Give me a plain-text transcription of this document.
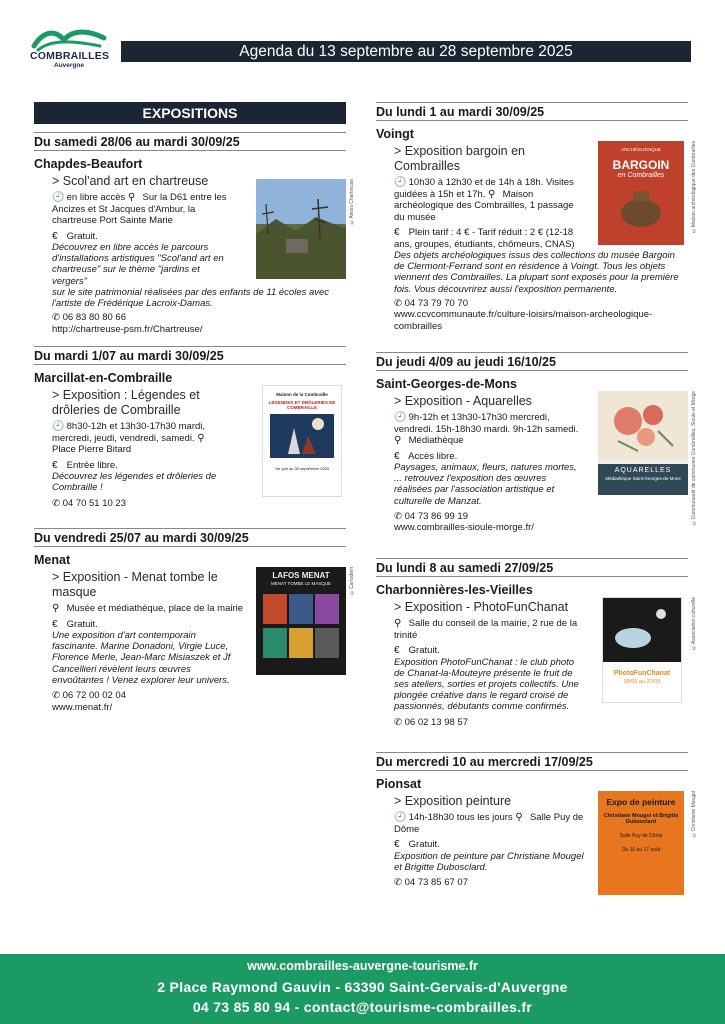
COMBRAILLES
Auvergne
Agenda du 13 septembre au 28 septembre 2025
EXPOSITIONS
Du samedi 28/06 au mardi 30/09/25
Chapdes-Beaufort
> Scol'and art en chartreuse
🕘 en libre accès ⚲ Sur la D61 entre les Ancizes et St Jacques d'Ambur, la chartreuse Port Sainte Marie
€ Gratuit.
Découvrez en libre accès le parcours d'installations artistiques "Scol'and art en chartreuse" sur le thème "jardins et vergers"
sur le site patrimonial réalisées par des enfants de 11 écoles avec l'artiste de Frédérique Lacroix-Damas.
✆ 06 83 80 80 66
http://chartreuse-psm.fr/Chartreuse/
©Alexis Chartreuse
Du mardi 1/07 au mardi 30/09/25
Marcillat-en-Combraille
> Exposition : Légendes et drôleries de Combraille
🕘 8h30-12h et 13h30-17h30 mardi, mercredi, jeudi, vendredi, samedi. ⚲ Place Pierre Bitard
€ Entrée libre.
Découvrez les légendes et drôleries de Combraille !
✆ 04 70 51 10 23
Maison de la Combraille
LÉGENDES ET DRÔLERIES DE COMBRAILLE
1er juin au 30 septembre 2025
Du vendredi 25/07 au mardi 30/09/25
Menat
> Exposition - Menat tombe le masque
⚲ Musée et médiathèque, place de la mairie
€ Gratuit.
Une exposition d'art contemporain fascinante. Marine Donadoni, Virgie Luce, Florence Merle, Jean-Marc Misiaszek et Jf Cancellieri révèlent leurs œuvres envoûtantes ! Venez explorer leur univers.
✆ 06 72 00 02 04
www.menat.fr/
LAFOS MENAT
MENAT TOMBE LE MASQUE	©Carrodein
Du lundi 1 au mardi 30/09/25
Voingt
> Exposition bargoin en Combrailles
🕘 10h30 à 12h30 et de 14h à 18h. Visites guidées à 15h et 17h. ⚲ Maison archéologique des Combrailles, 1 passage du musée
€ Plein tarif : 4 € - Tarif réduit : 2 € (12-18 ans, groupes, étudiants, chômeurs, CNAS)
Des objets archéologiques issus des collections du musée Bargoin de Clermont-Ferrand sont en résidence à Voingt. Tous les objets viennent des Combrailles. La plupart sont exposés pour la première fois. Vous découvrirez aussi l'exposition permanente.
✆ 04 73 79 70 70
www.ccvcommunaute.fr/culture-loisirs/maison-archeologique-combrailles
ARCHÉOLOGIQUE
BARGOIN
en Combrailles	©Maison archéologique des Combrailles
Du jeudi 4/09 au jeudi 16/10/25
Saint-Georges-de-Mons
> Exposition - Aquarelles
🕘 9h-12h et 13h30-17h30 mercredi, vendredi. 15h-18h30 mardi. 9h-12h samedi.
⚲ Médiathèque
€ Accès libre.
Paysages, animaux, fleurs, natures mortes, ... retrouvez l'exposition des œuvres réalisées par l'association artistique et culturelle de Manzat.
✆ 04 73 86 99 19
www.combrailles-sioule-morge.fr/
AQUARELLES
Médiathèque Saint-Georges-de-Mons	©Communauté de communes Combrailles, Sioule et Morge
Du lundi 8 au samedi 27/09/25
Charbonnières-les-Vieilles
> Exposition - PhotoFunChanat
⚲ Salle du conseil de la mairie, 2 rue de la trinité
€ Gratuit.
Exposition PhotoFunChanat : le club photo de Chanat-la-Mouteyre présente le fruit de ses ateliers, sorties et projets collectifs. Une plongée créative dans le regard croisé de passionnés, débutants comme confirmés.
✆ 06 02 13 98 57
PhotoFunChanat
08/09 au 27/09
©Association culturelle
Du mercredi 10 au mercredi 17/09/25
Pionsat
> Exposition peinture
🕘 14h-18h30 tous les jours ⚲ Salle Puy de Dôme
€ Gratuit.
Exposition de peinture par Christiane Mougel et Brigitte Dubosclard.
✆ 04 73 85 67 07
Expo de peinture
Christiane Mougel et Brigitte Dubosclard
Salle Puy de Dôme
Du 10 au 17 août
©Christiane Mougel
www.combrailles-auvergne-tourisme.fr
2 Place Raymond Gauvin - 63390 Saint-Gervais-d'Auvergne
04 73 85 80 94 - contact@tourisme-combrailles.fr
